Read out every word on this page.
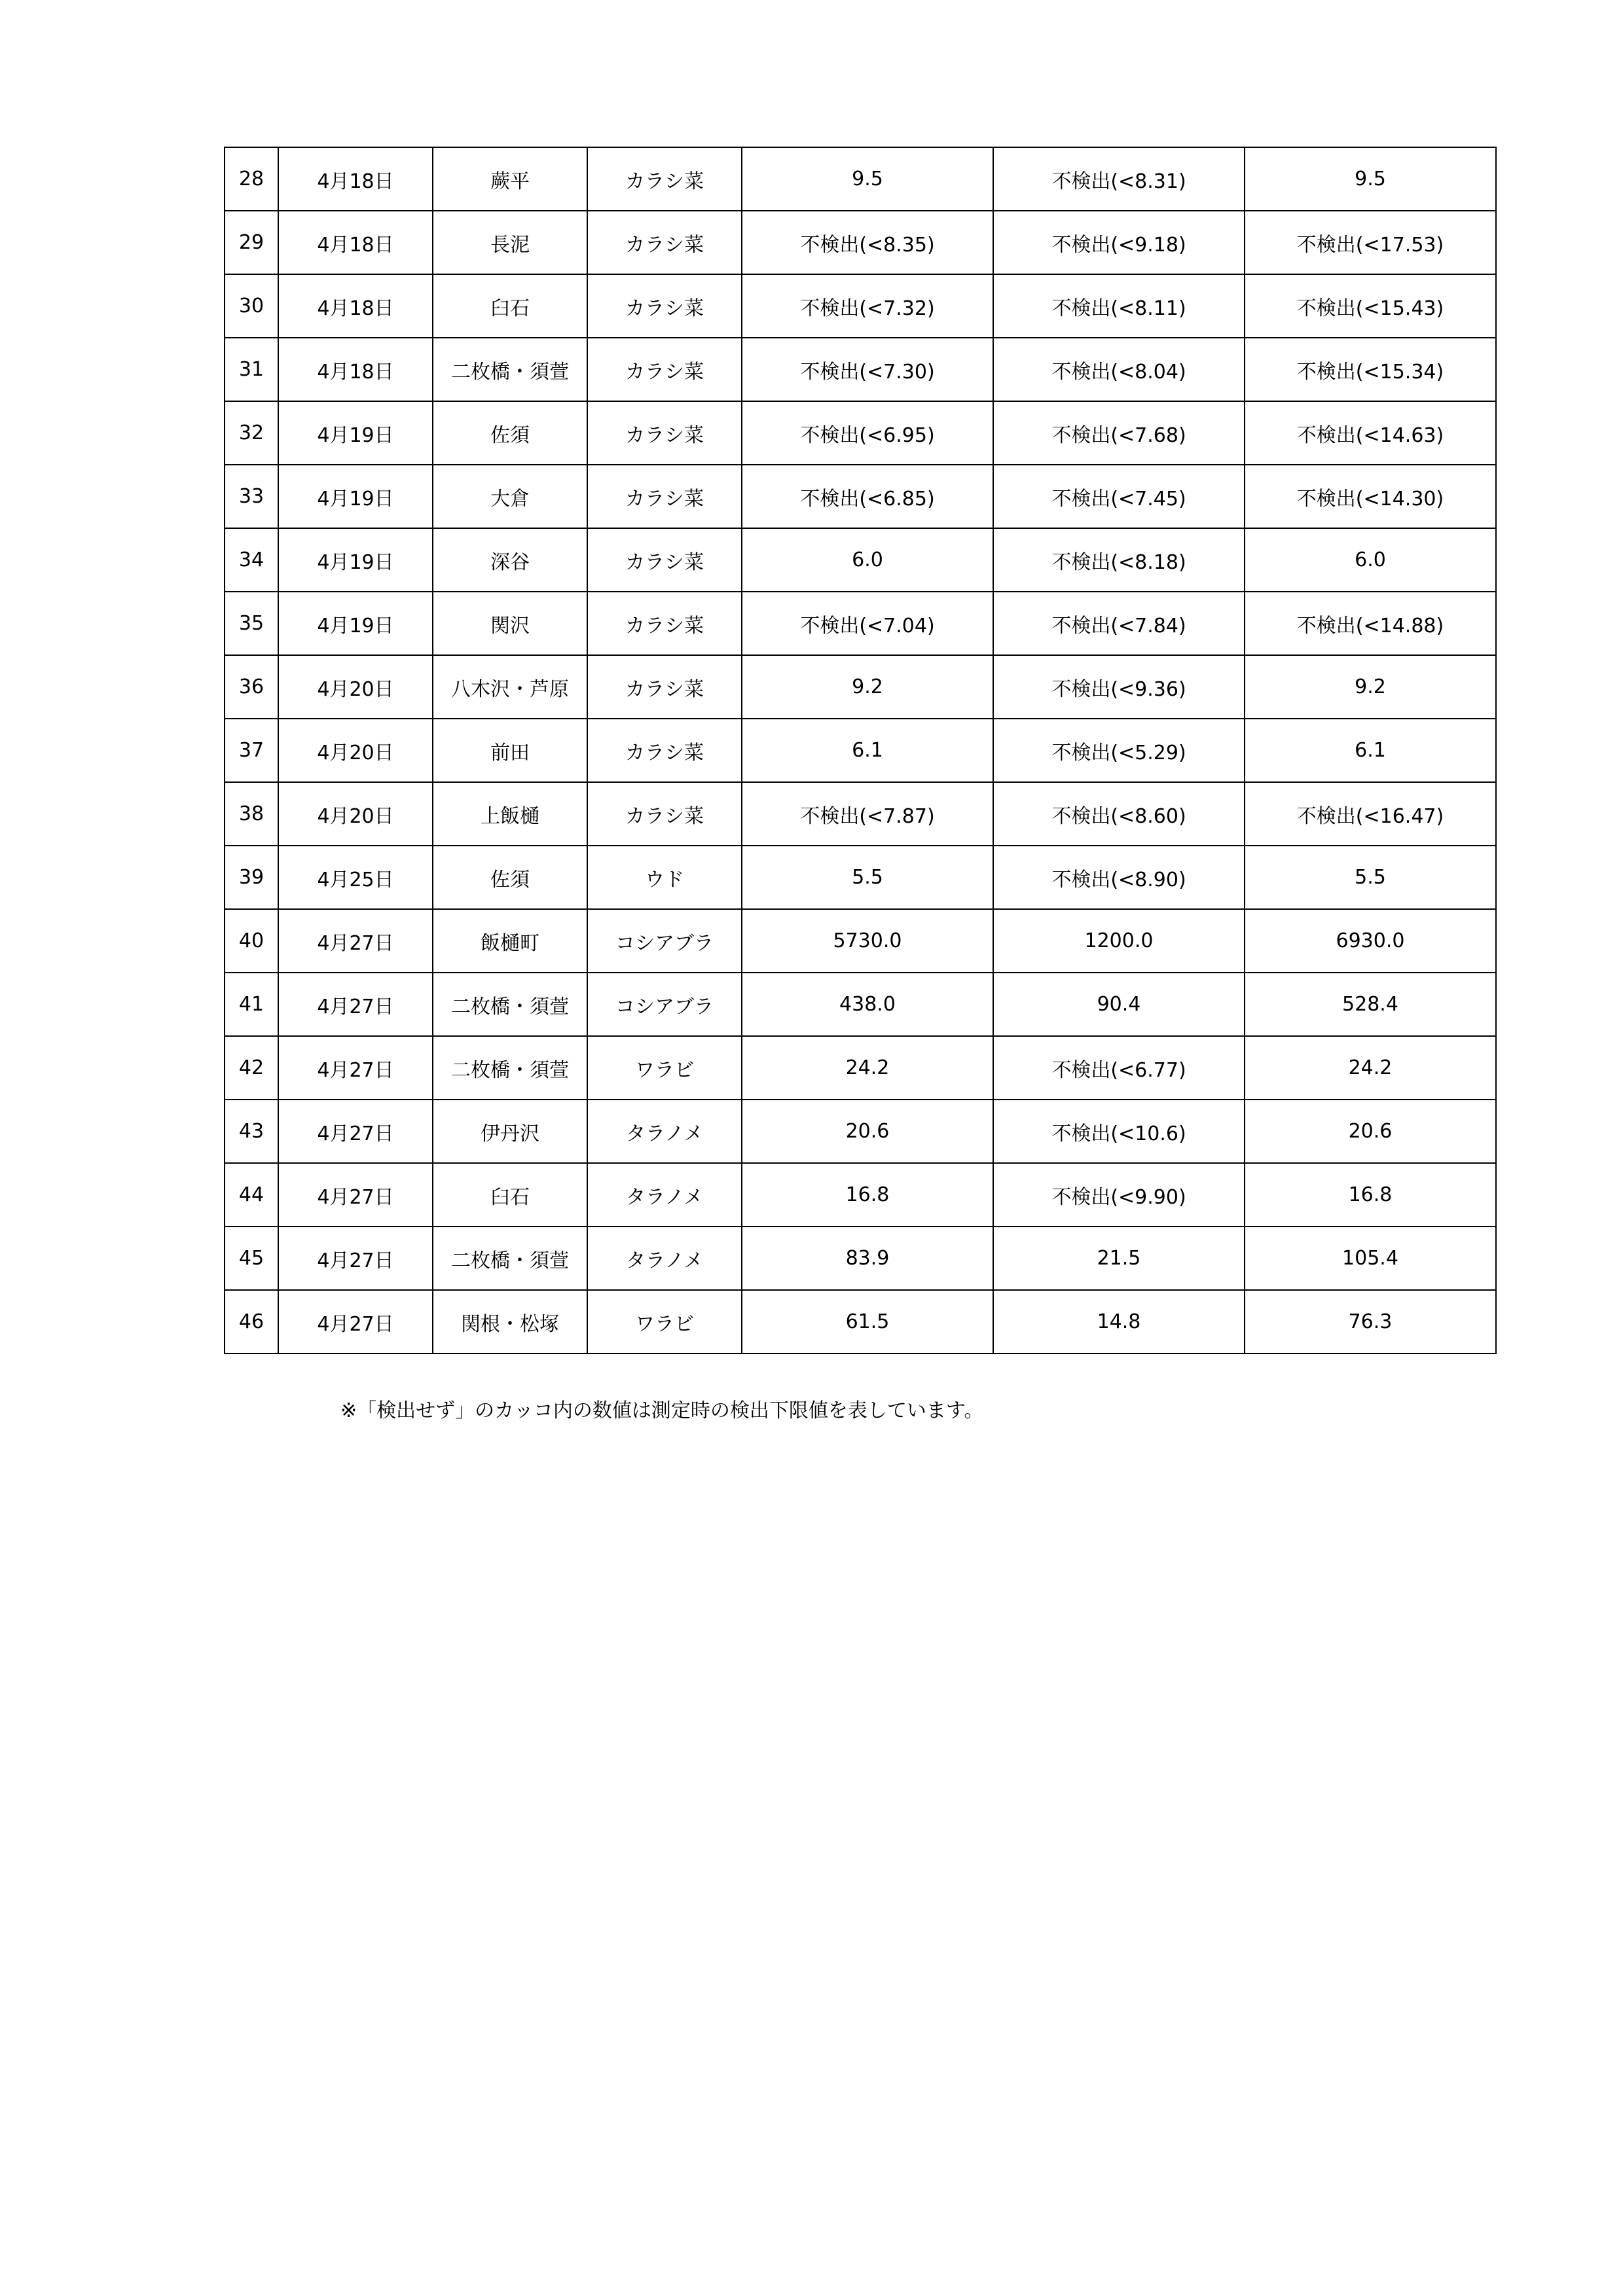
28	4月18日	蕨平	カラシ菜	9.5	不検出(<8.31)	9.5
29	4月18日	長泥	カラシ菜	不検出(<8.35)	不検出(<9.18)	不検出(<17.53)
30	4月18日	臼石	カラシ菜	不検出(<7.32)	不検出(<8.11)	不検出(<15.43)
31	4月18日	二枚橋・須萱	カラシ菜	不検出(<7.30)	不検出(<8.04)	不検出(<15.34)
32	4月19日	佐須	カラシ菜	不検出(<6.95)	不検出(<7.68)	不検出(<14.63)
33	4月19日	大倉	カラシ菜	不検出(<6.85)	不検出(<7.45)	不検出(<14.30)
34	4月19日	深谷	カラシ菜	6.0	不検出(<8.18)	6.0
35	4月19日	関沢	カラシ菜	不検出(<7.04)	不検出(<7.84)	不検出(<14.88)
36	4月20日	八木沢・芦原	カラシ菜	9.2	不検出(<9.36)	9.2
37	4月20日	前田	カラシ菜	6.1	不検出(<5.29)	6.1
38	4月20日	上飯樋	カラシ菜	不検出(<7.87)	不検出(<8.60)	不検出(<16.47)
39	4月25日	佐須	ウド	5.5	不検出(<8.90)	5.5
40	4月27日	飯樋町	コシアブラ	5730.0	1200.0	6930.0
41	4月27日	二枚橋・須萱	コシアブラ	438.0	90.4	528.4
42	4月27日	二枚橋・須萱	ワラビ	24.2	不検出(<6.77)	24.2
43	4月27日	伊丹沢	タラノメ	20.6	不検出(<10.6)	20.6
44	4月27日	臼石	タラノメ	16.8	不検出(<9.90)	16.8
45	4月27日	二枚橋・須萱	タラノメ	83.9	21.5	105.4
46	4月27日	関根・松塚	ワラビ	61.5	14.8	76.3
※「検出せず」のカッコ内の数値は測定時の検出下限値を表しています。
